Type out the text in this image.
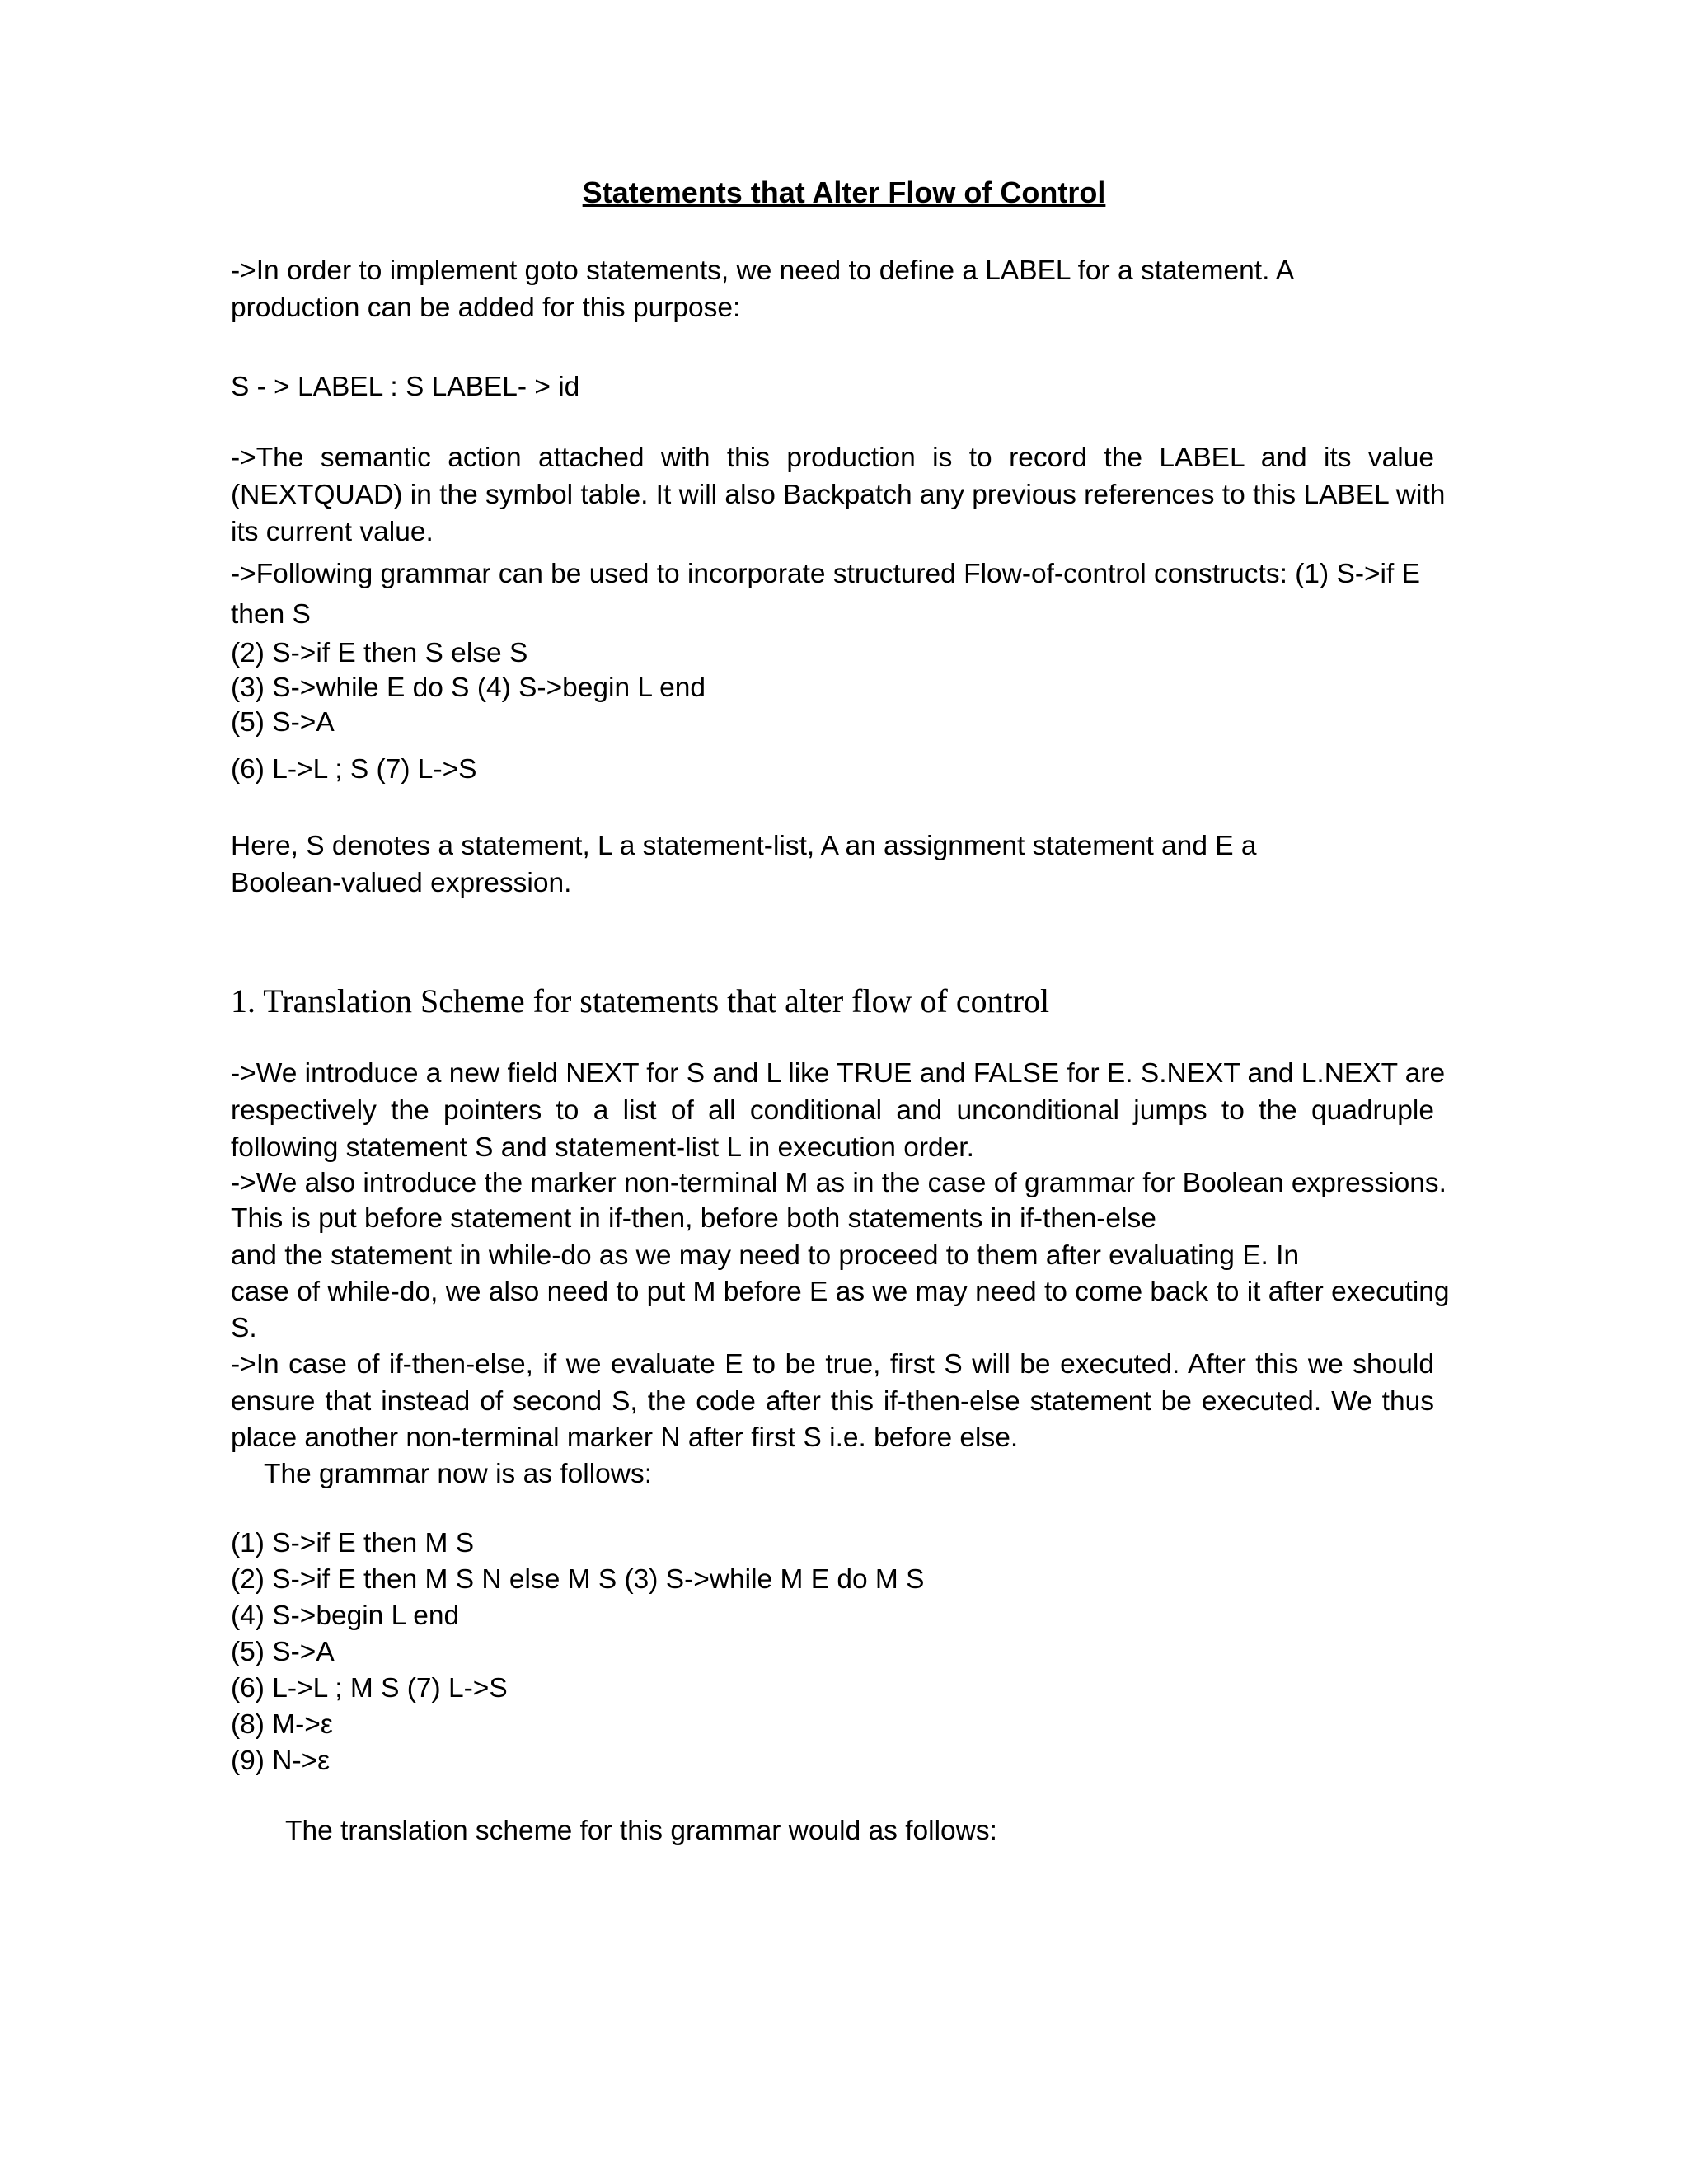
Statements that Alter Flow of Control

->In order to implement goto statements, we need to define a LABEL for a statement. A

production can be added for this purpose:

S - > LABEL : S LABEL- > id

->The semantic action attached with this production is to record the LABEL and its value

(NEXTQUAD) in the symbol table. It will also Backpatch any previous references to this LABEL with

its current value.

->Following grammar can be used to incorporate structured Flow-of-control constructs: (1) S->if E

then S

(2) S->if E then S else S

(3) S->while E do S (4) S->begin L end

(5) S->A

(6) L->L ; S (7) L->S

Here, S denotes a statement, L a statement-list, A an assignment statement and E a

Boolean-valued expression.

1. Translation Scheme for statements that alter flow of control

->We introduce a new field NEXT for S and L like TRUE and FALSE for E. S.NEXT and L.NEXT are

respectively the pointers to a list of all conditional and unconditional jumps to the quadruple

following statement S and statement-list L in execution order.

->We also introduce the marker non-terminal M as in the case of grammar for Boolean expressions.

This is put before statement in if-then, before both statements in if-then-else

and the statement in while-do as we may need to proceed to them after evaluating E. In

case of while-do, we also need to put M before E as we may need to come back to it after executing

S.

->In case of if-then-else, if we evaluate E to be true, first S will be executed. After this we should

ensure that instead of second S, the code after this if-then-else statement be executed. We thus

place another non-terminal marker N after first S i.e. before else.

The grammar now is as follows:

(1) S->if E then M S

(2) S->if E then M S N else M S (3) S->while M E do M S

(4) S->begin L end

(5) S->A

(6) L->L ; M S (7) L->S

(8) M->ε

(9) N->ε

The translation scheme for this grammar would as follows:
